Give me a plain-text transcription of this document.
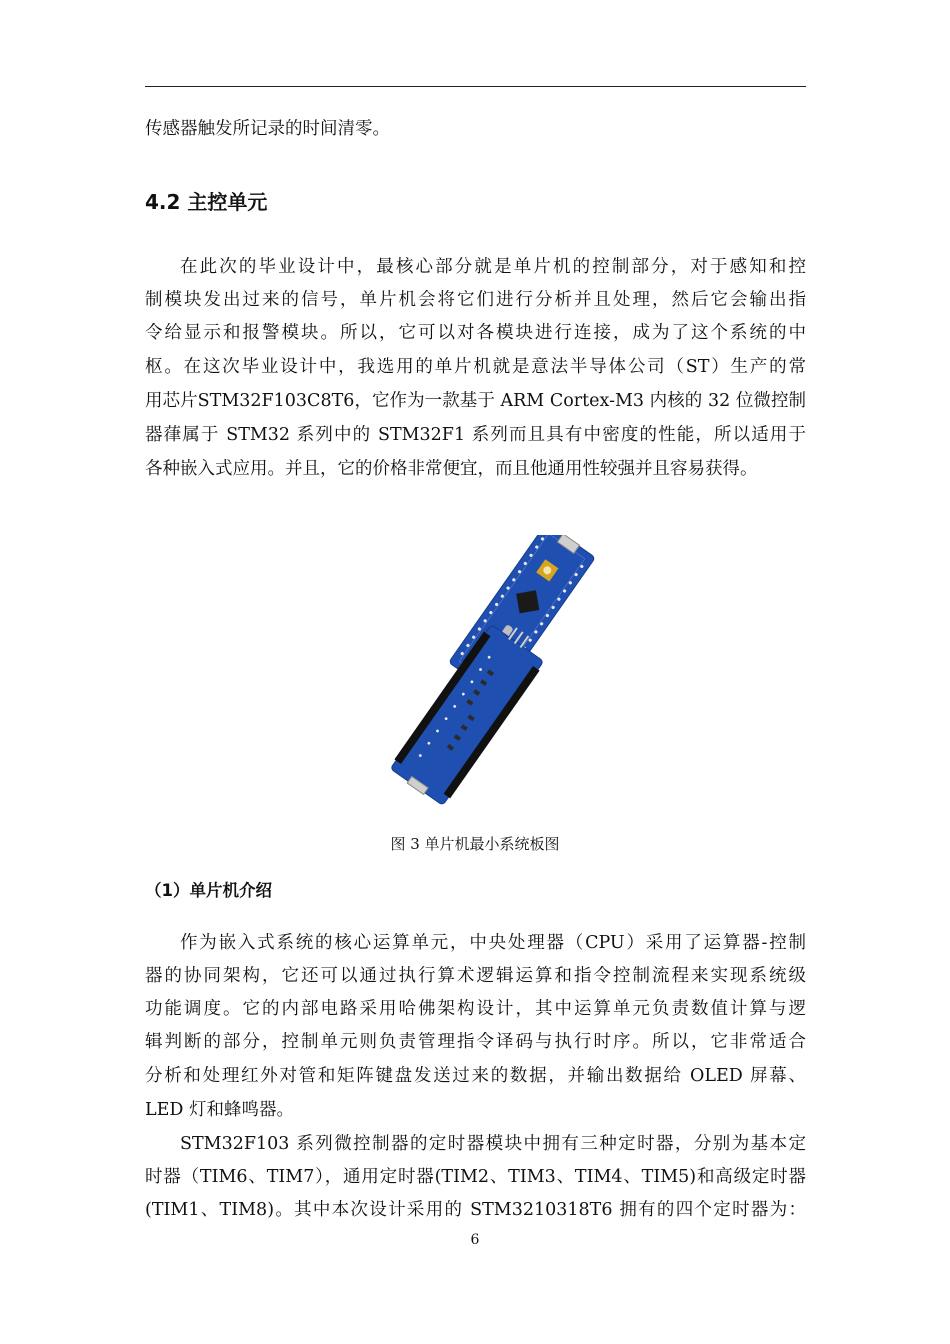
传感器触发所记录的时间清零。
4.2 主控单元
在此次的毕业设计中，最核心部分就是单片机的控制部分，对于感知和控
制模块发出过来的信号，单片机会将它们进行分析并且处理，然后它会输出指
令给显示和报警模块。所以，它可以对各模块进行连接，成为了这个系统的中
枢。在这次毕业设计中，我选用的单片机就是意法半导体公司（ST）生产的常
用芯片STM32F103C8T6，它作为一款基于 ARM Cortex-M3 内核的 32 位微控制
器葎属于 STM32 系列中的 STM32F1 系列而且具有中密度的性能，所以适用于
各种嵌入式应用。并且，它的价格非常便宜，而且他通用性较强并且容易获得。
图 3 单片机最小系统板图
（1）单片机介绍
作为嵌入式系统的核心运算单元，中央处理器（CPU）采用了运算器-控制
器的协同架构，它还可以通过执行算术逻辑运算和指令控制流程来实现系统级
功能调度。它的内部电路采用哈佛架构设计，其中运算单元负责数值计算与逻
辑判断的部分，控制单元则负责管理指令译码与执行时序。所以，它非常适合
分析和处理红外对管和矩阵键盘发送过来的数据，并输出数据给 OLED 屏幕、
LED 灯和蜂鸣器。
STM32F103 系列微控制器的定时器模块中拥有三种定时器，分别为基本定
时器（TIM6、TIM7），通用定时器(TIM2、TIM3、TIM4、TIM5)和高级定时器
(TIM1、TIM8)。其中本次设计采用的 STM3210318T6 拥有的四个定时器为：
6
